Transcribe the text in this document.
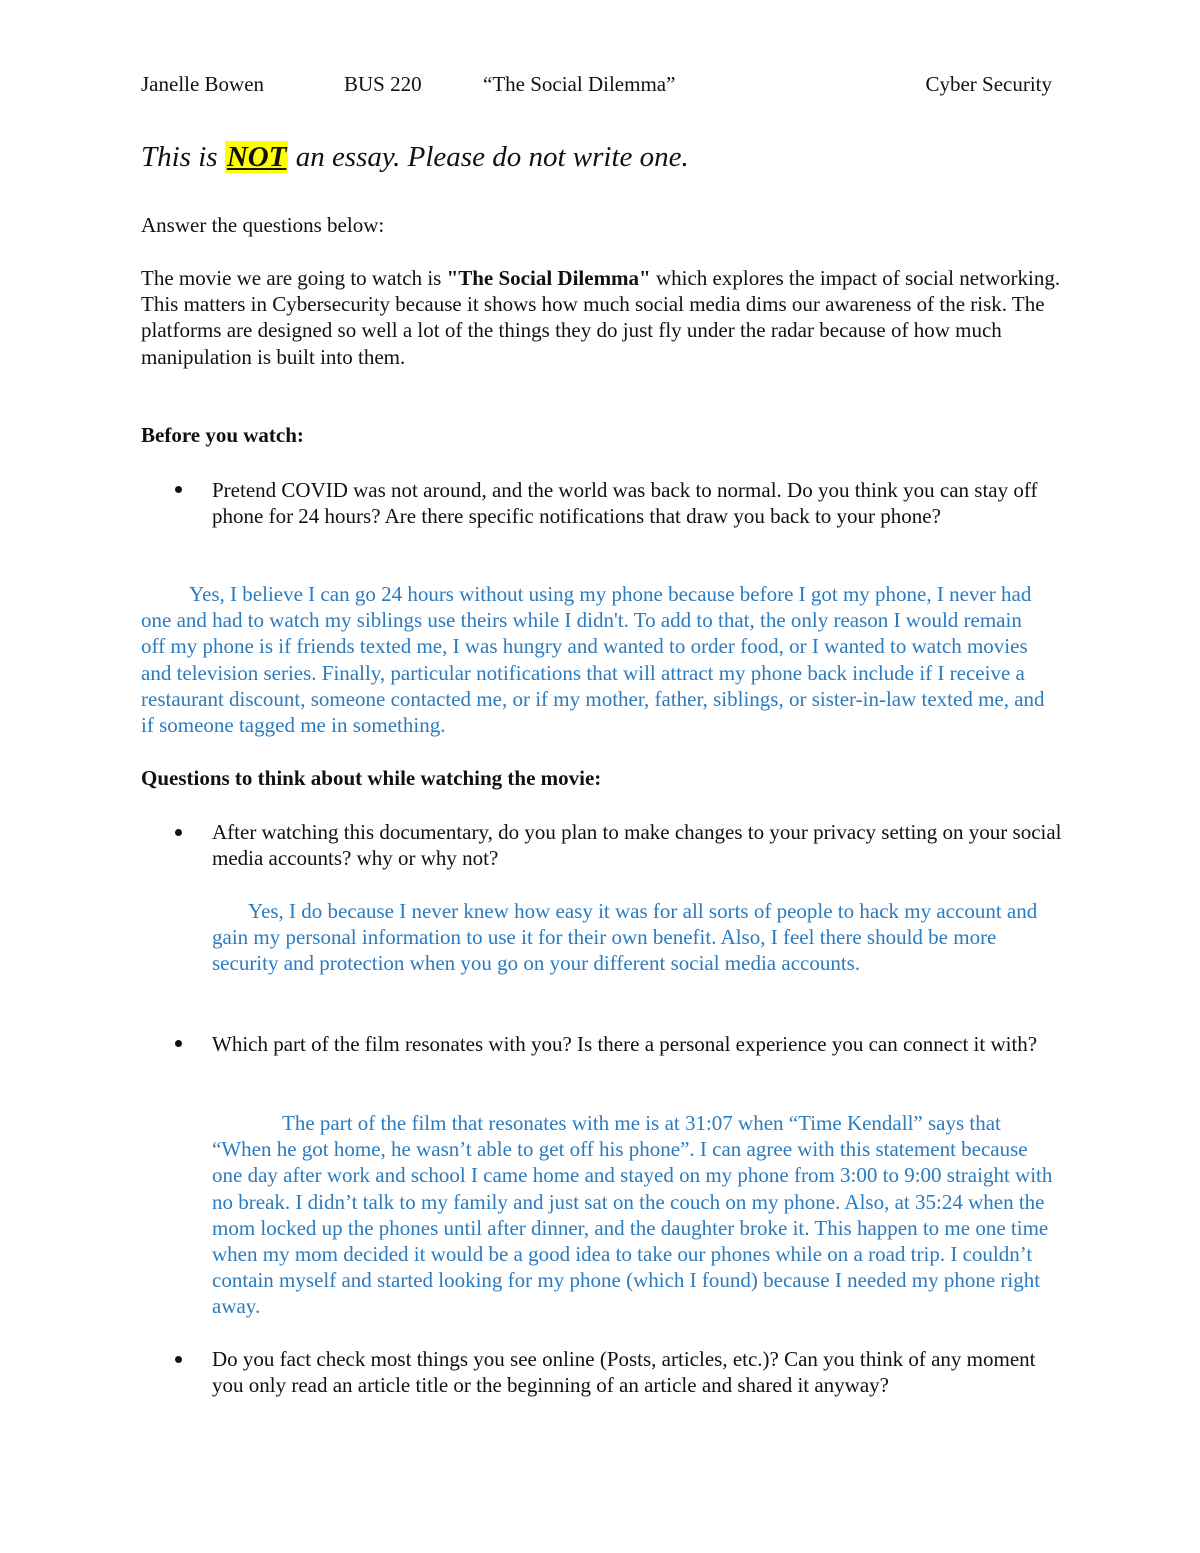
Janelle Bowen	BUS 220	“The Social Dilemma”	Cyber Security
This is NOT an essay. Please do not write one.
Answer the questions below:
The movie we are going to watch is "The Social Dilemma" which explores the impact of social networking. This matters in Cybersecurity because it shows how much social media dims our awareness of the risk. The platforms are designed so well a lot of the things they do just fly under the radar because of how much manipulation is built into them.
Before you watch:
Pretend COVID was not around, and the world was back to normal. Do you think you can stay off phone for 24 hours? Are there specific notifications that draw you back to your phone?
Yes, I believe I can go 24 hours without using my phone because before I got my phone, I never had one and had to watch my siblings use theirs while I didn't. To add to that, the only reason I would remain off my phone is if friends texted me, I was hungry and wanted to order food, or I wanted to watch movies and television series. Finally, particular notifications that will attract my phone back include if I receive a restaurant discount, someone contacted me, or if my mother, father, siblings, or sister-in-law texted me, and if someone tagged me in something.
Questions to think about while watching the movie:
After watching this documentary, do you plan to make changes to your privacy setting on your social media accounts? why or why not?
Yes, I do because I never knew how easy it was for all sorts of people to hack my account and gain my personal information to use it for their own benefit. Also, I feel there should be more security and protection when you go on your different social media accounts.
Which part of the film resonates with you? Is there a personal experience you can connect it with?
The part of the film that resonates with me is at 31:07 when “Time Kendall” says that “When he got home, he wasn’t able to get off his phone”. I can agree with this statement because one day after work and school I came home and stayed on my phone from 3:00 to 9:00 straight with no break. I didn’t talk to my family and just sat on the couch on my phone. Also, at 35:24 when the mom locked up the phones until after dinner, and the daughter broke it. This happen to me one time when my mom decided it would be a good idea to take our phones while on a road trip. I couldn’t contain myself and started looking for my phone (which I found) because I needed my phone right away.
Do you fact check most things you see online (Posts, articles, etc.)? Can you think of any moment you only read an article title or the beginning of an article and shared it anyway?
